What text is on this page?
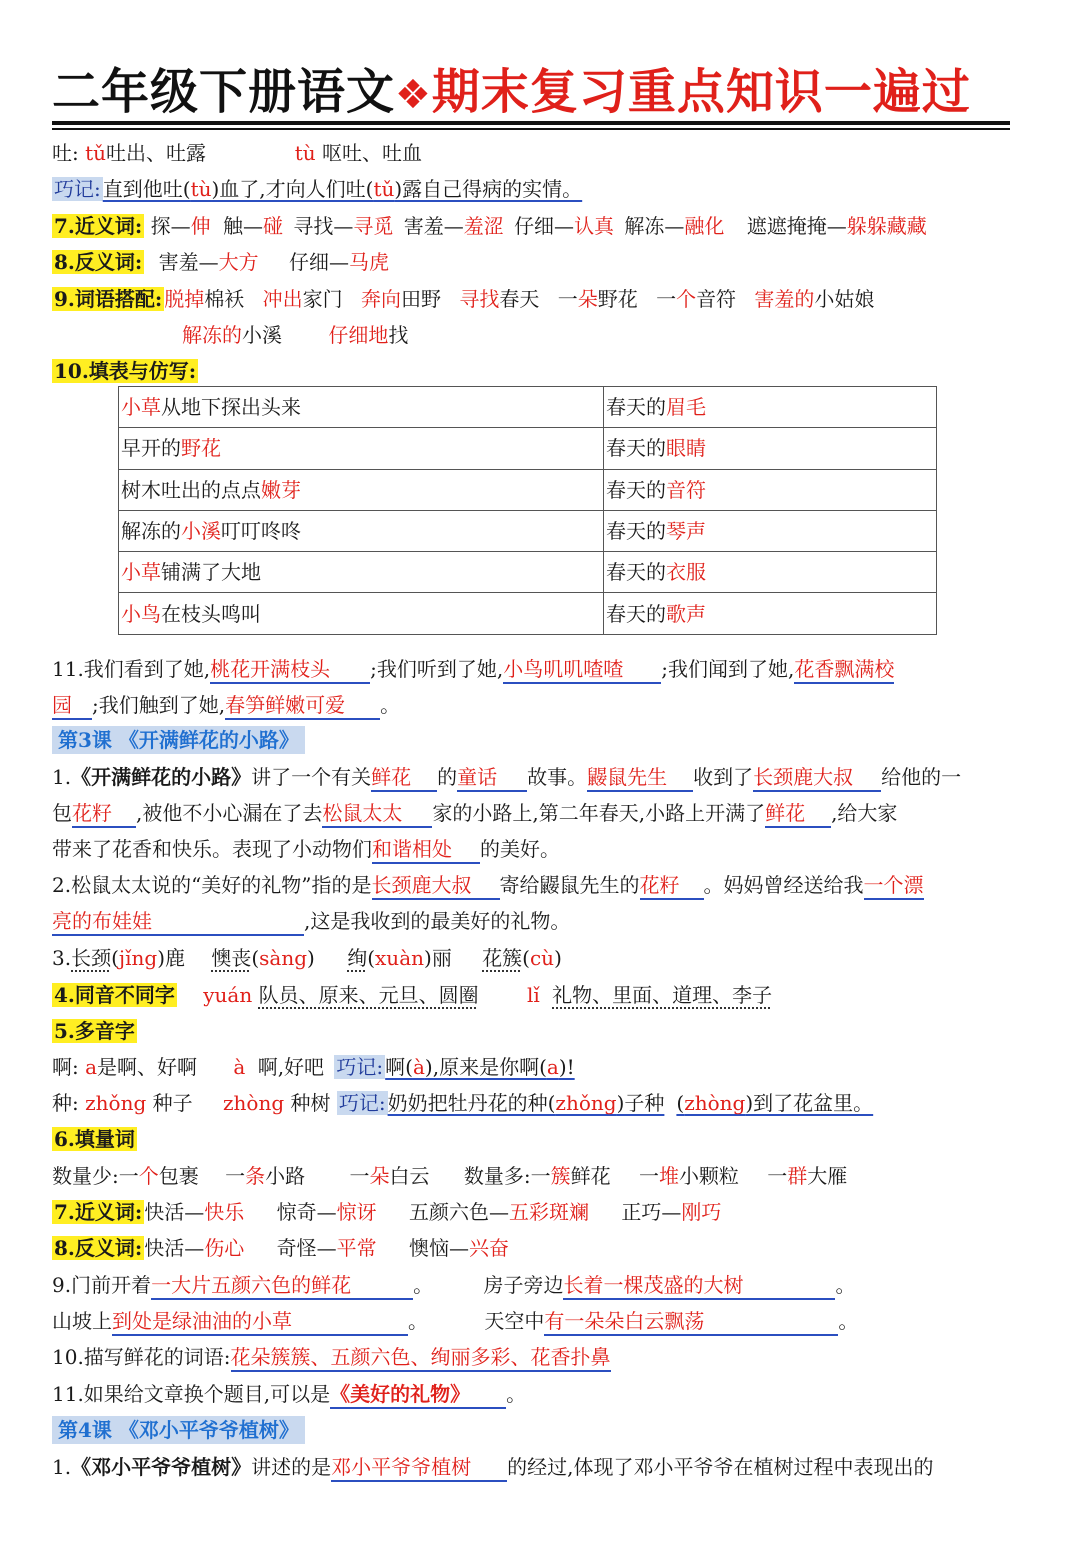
二年级下册语文❖期末复习重点知识一遍过
吐: tǔ吐出、吐露	tù 呕吐、吐血
巧记: 直到他吐(tù)血了,才向人们吐(tǔ)露自己得病的实情。
7.近义词: 探—伸 触—碰 寻找—寻觅 害羞—羞涩 仔细—认真 解冻—融化 遮遮掩掩—躲躲藏藏
8.反义词: 害羞—大方 仔细—马虎
9.词语搭配: 脱掉棉袄 冲出家门 奔向田野 寻找春天 一朵野花 一个音符 害羞的小姑娘
解冻的小溪 仔细地找
10.填表与仿写:
小草从地下探出头来	春天的眉毛
早开的野花	春天的眼睛
树木吐出的点点嫩芽	春天的音符
解冻的小溪叮叮咚咚	春天的琴声
小草铺满了大地	春天的衣服
小鸟在枝头鸣叫	春天的歌声
11.我们看到了她,桃花开满枝头 ;我们听到了她,小鸟叽叽喳喳 ;我们闻到了她,花香飘满校
园 ;我们触到了她,春笋鲜嫩可爱 。
第3课 《开满鲜花的小路》
1.《开满鲜花的小路》讲了一个有关鲜花 的童话 故事。鼹鼠先生 收到了长颈鹿大叔 给他的一
包花籽 ,被他不小心漏在了去松鼠太太 家的小路上,第二年春天,小路上开满了鲜花 ,给大家
带来了花香和快乐。表现了小动物们和谐相处 的美好。
2.松鼠太太说的“美好的礼物”指的是长颈鹿大叔 寄给鼹鼠先生的花籽 。妈妈曾经送给我一个漂
亮的布娃娃	,这是我收到的最美好的礼物。
3.长颈(jǐng)鹿 懊丧(sàng) 绚(xuàn)丽 花簇(cù)
4.同音不同字 yuán 队员、原来、元旦、圆圈 lǐ 礼物、里面、道理、李子
5.多音字
啊: a是啊、好啊 à 啊,好吧 巧记: 啊(à),原来是你啊(a)!
种: zhǒng 种子 zhòng 种树 巧记: 奶奶把牡丹花的种(zhǒng)子种 (zhòng)到了花盆里。
6.填量词
数量少:一个包裹 一条小路 一朵白云 数量多:一簇鲜花 一堆小颗粒 一群大雁
7.近义词: 快活—快乐 惊奇—惊讶 五颜六色—五彩斑斓 正巧—刚巧
8.反义词: 快活—伤心 奇怪—平常 懊恼—兴奋
9.门前开着一大片五颜六色的鲜花	。	房子旁边长着一棵茂盛的大树	。
山坡上到处是绿油油的小草	。	天空中有一朵朵白云飘荡	。
10.描写鲜花的词语:花朵簇簇、五颜六色、绚丽多彩、花香扑鼻
11.如果给文章换个题目,可以是《美好的礼物》 。
第4课 《邓小平爷爷植树》
1.《邓小平爷爷植树》讲述的是邓小平爷爷植树 的经过,体现了邓小平爷爷在植树过程中表现出的
